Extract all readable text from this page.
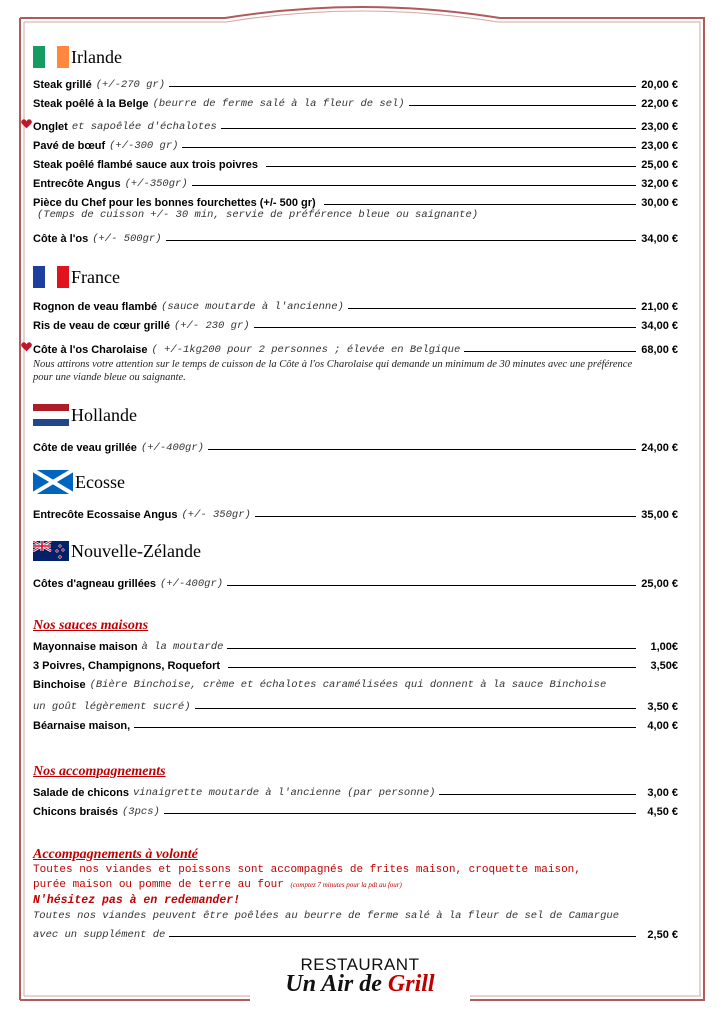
Irlande
Steak grillé (+/-270 gr)	20,00 €
Steak poêlé à la Belge (beurre de ferme salé à la fleur de sel)	22,00 €
Onglet et sapoêlée d'échalotes	23,00 €
Pavé de bœuf (+/-300 gr)	23,00 €
Steak poêlé flambé sauce aux trois poivres	25,00 €
Entrecôte Angus (+/-350gr)	32,00 €
Pièce du Chef pour les bonnes fourchettes (+/- 500 gr)	30,00 €
(Temps de cuisson +/- 30 min, servie de préférence bleue ou saignante)
Côte à l'os (+/- 500gr)	34,00 €
France
Rognon de veau flambé (sauce moutarde à l'ancienne)	21,00 €
Ris de veau de cœur grillé (+/- 230 gr)	34,00 €
Côte à l'os Charolaise ( +/-1kg200 pour 2 personnes ; élevée en Belgique	68,00 €
Nous attirons votre attention sur le temps de cuisson de la Côte à l'os Charolaise qui demande un minimum de 30 minutes avec une préférence pour une viande bleue ou saignante.
Hollande
Côte de veau grillée (+/-400gr)	24,00 €
Ecosse
Entrecôte Ecossaise Angus (+/- 350gr)	35,00 €
Nouvelle-Zélande
Côtes d'agneau grillées (+/-400gr)	25,00 €
Nos sauces maisons
Mayonnaise maison à la moutarde	1,00€
3 Poivres, Champignons, Roquefort	3,50€
Binchoise (Bière Binchoise, crème et échalotes caramélisées qui donnent à la sauce Binchoise
un goût légèrement sucré)	3,50 €
Béarnaise maison,	4,00 €
Nos accompagnements
Salade de chicons vinaigrette moutarde à l'ancienne (par personne)	3,00 €
Chicons braisés (3pcs)	4,50 €
Accompagnements à volonté
Toutes nos viandes et poissons sont accompagnés de frites maison, croquette maison,
purée maison ou pomme de terre au four (comptez 7 minutes pour la pdt au four)
N'hésitez pas à en redemander!
Toutes nos viandes peuvent être poêlées au beurre de ferme salé à la fleur de sel de Camargue
avec un supplément de	2,50 €
RESTAURANT
Un Air de Grill
